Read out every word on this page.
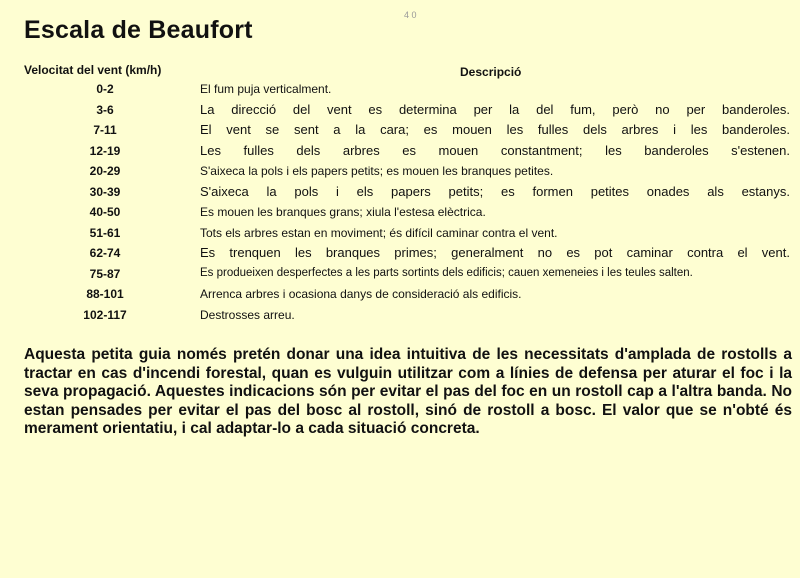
Escala de Beaufort
4 0
Velocitat del vent (km/h)	Descripció
0-2	El fum puja verticalment.
3-6	La direcció del vent es determina per la del fum, però no per banderoles.
7-11	El vent se sent a la cara; es mouen les fulles dels arbres i les banderoles.
12-19	Les fulles dels arbres es mouen constantment; les banderoles s'estenen.
20-29	S'aixeca la pols i els papers petits; es mouen les branques petites.
30-39	S'aixeca la pols i els papers petits; es formen petites onades als estanys.
40-50	Es mouen les branques grans; xiula l'estesa elèctrica.
51-61	Tots els arbres estan en moviment; és difícil caminar contra el vent.
62-74	Es trenquen les branques primes; generalment no es pot caminar contra el vent.
75-87	Es produeixen desperfectes a les parts sortints dels edificis; cauen xemeneies i les teules salten.
88-101	Arrenca arbres i ocasiona danys de consideració als edificis.
102-117	Destrosses arreu.
Aquesta petita guia només pretén donar una idea intuitiva de les necessitats d'amplada de rostolls a tractar en cas d'incendi forestal, quan es vulguin utilitzar com a línies de defensa per aturar el foc i la seva propagació. Aquestes indicacions són per evitar el pas del foc en un rostoll cap a l'altra banda. No estan pensades per evitar el pas del bosc al rostoll, sinó de rostoll a bosc. El valor que se n'obté és merament orientatiu, i cal adaptar-lo a cada situació concreta.
